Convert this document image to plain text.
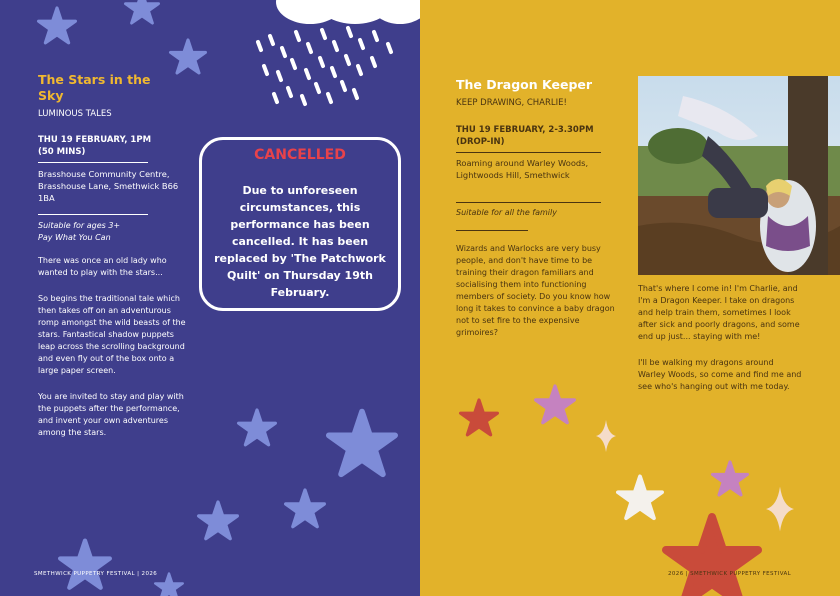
The Stars in the Sky
LUMINOUS TALES
THU 19 FEBRUARY, 1PM (50 MINS)
Brasshouse Community Centre, Brasshouse Lane, Smethwick B66 1BA
Suitable for ages 3+
Pay What You Can

There was once an old lady who wanted to play with the stars...

So begins the traditional tale which then takes off on an adventurous romp amongst the wild beasts of the stars. Fantastical shadow puppets leap across the scrolling background and even fly out of the box onto a large paper screen.

You are invited to stay and play with the puppets after the performance, and invent your own adventures among the stars.

CANCELLED

Due to unforeseen circumstances, this performance has been cancelled. It has been replaced by 'The Patchwork Quilt' on Thursday 19th February.

SMETHWICK PUPPETRY FESTIVAL | 2026
The Dragon Keeper
KEEP DRAWING, CHARLIE!
THU 19 FEBRUARY, 2-3.30PM (DROP-IN)
Roaming around Warley Woods, Lightwoods Hill, Smethwick
Suitable for all the family
Wizards and Warlocks are very busy people, and don't have time to be training their dragon familiars and socialising them into functioning members of society. Do you know how long it takes to convince a baby dragon not to set fire to the expensive grimoires?

That's where I come in! I'm Charlie, and I'm a Dragon Keeper. I take on dragons and help train them, sometimes I look after sick and poorly dragons, and some end up just... staying with me!

I'll be walking my dragons around Warley Woods, so come and find me and see who's hanging out with me today.

2026 | SMETHWICK PUPPETRY FESTIVAL
